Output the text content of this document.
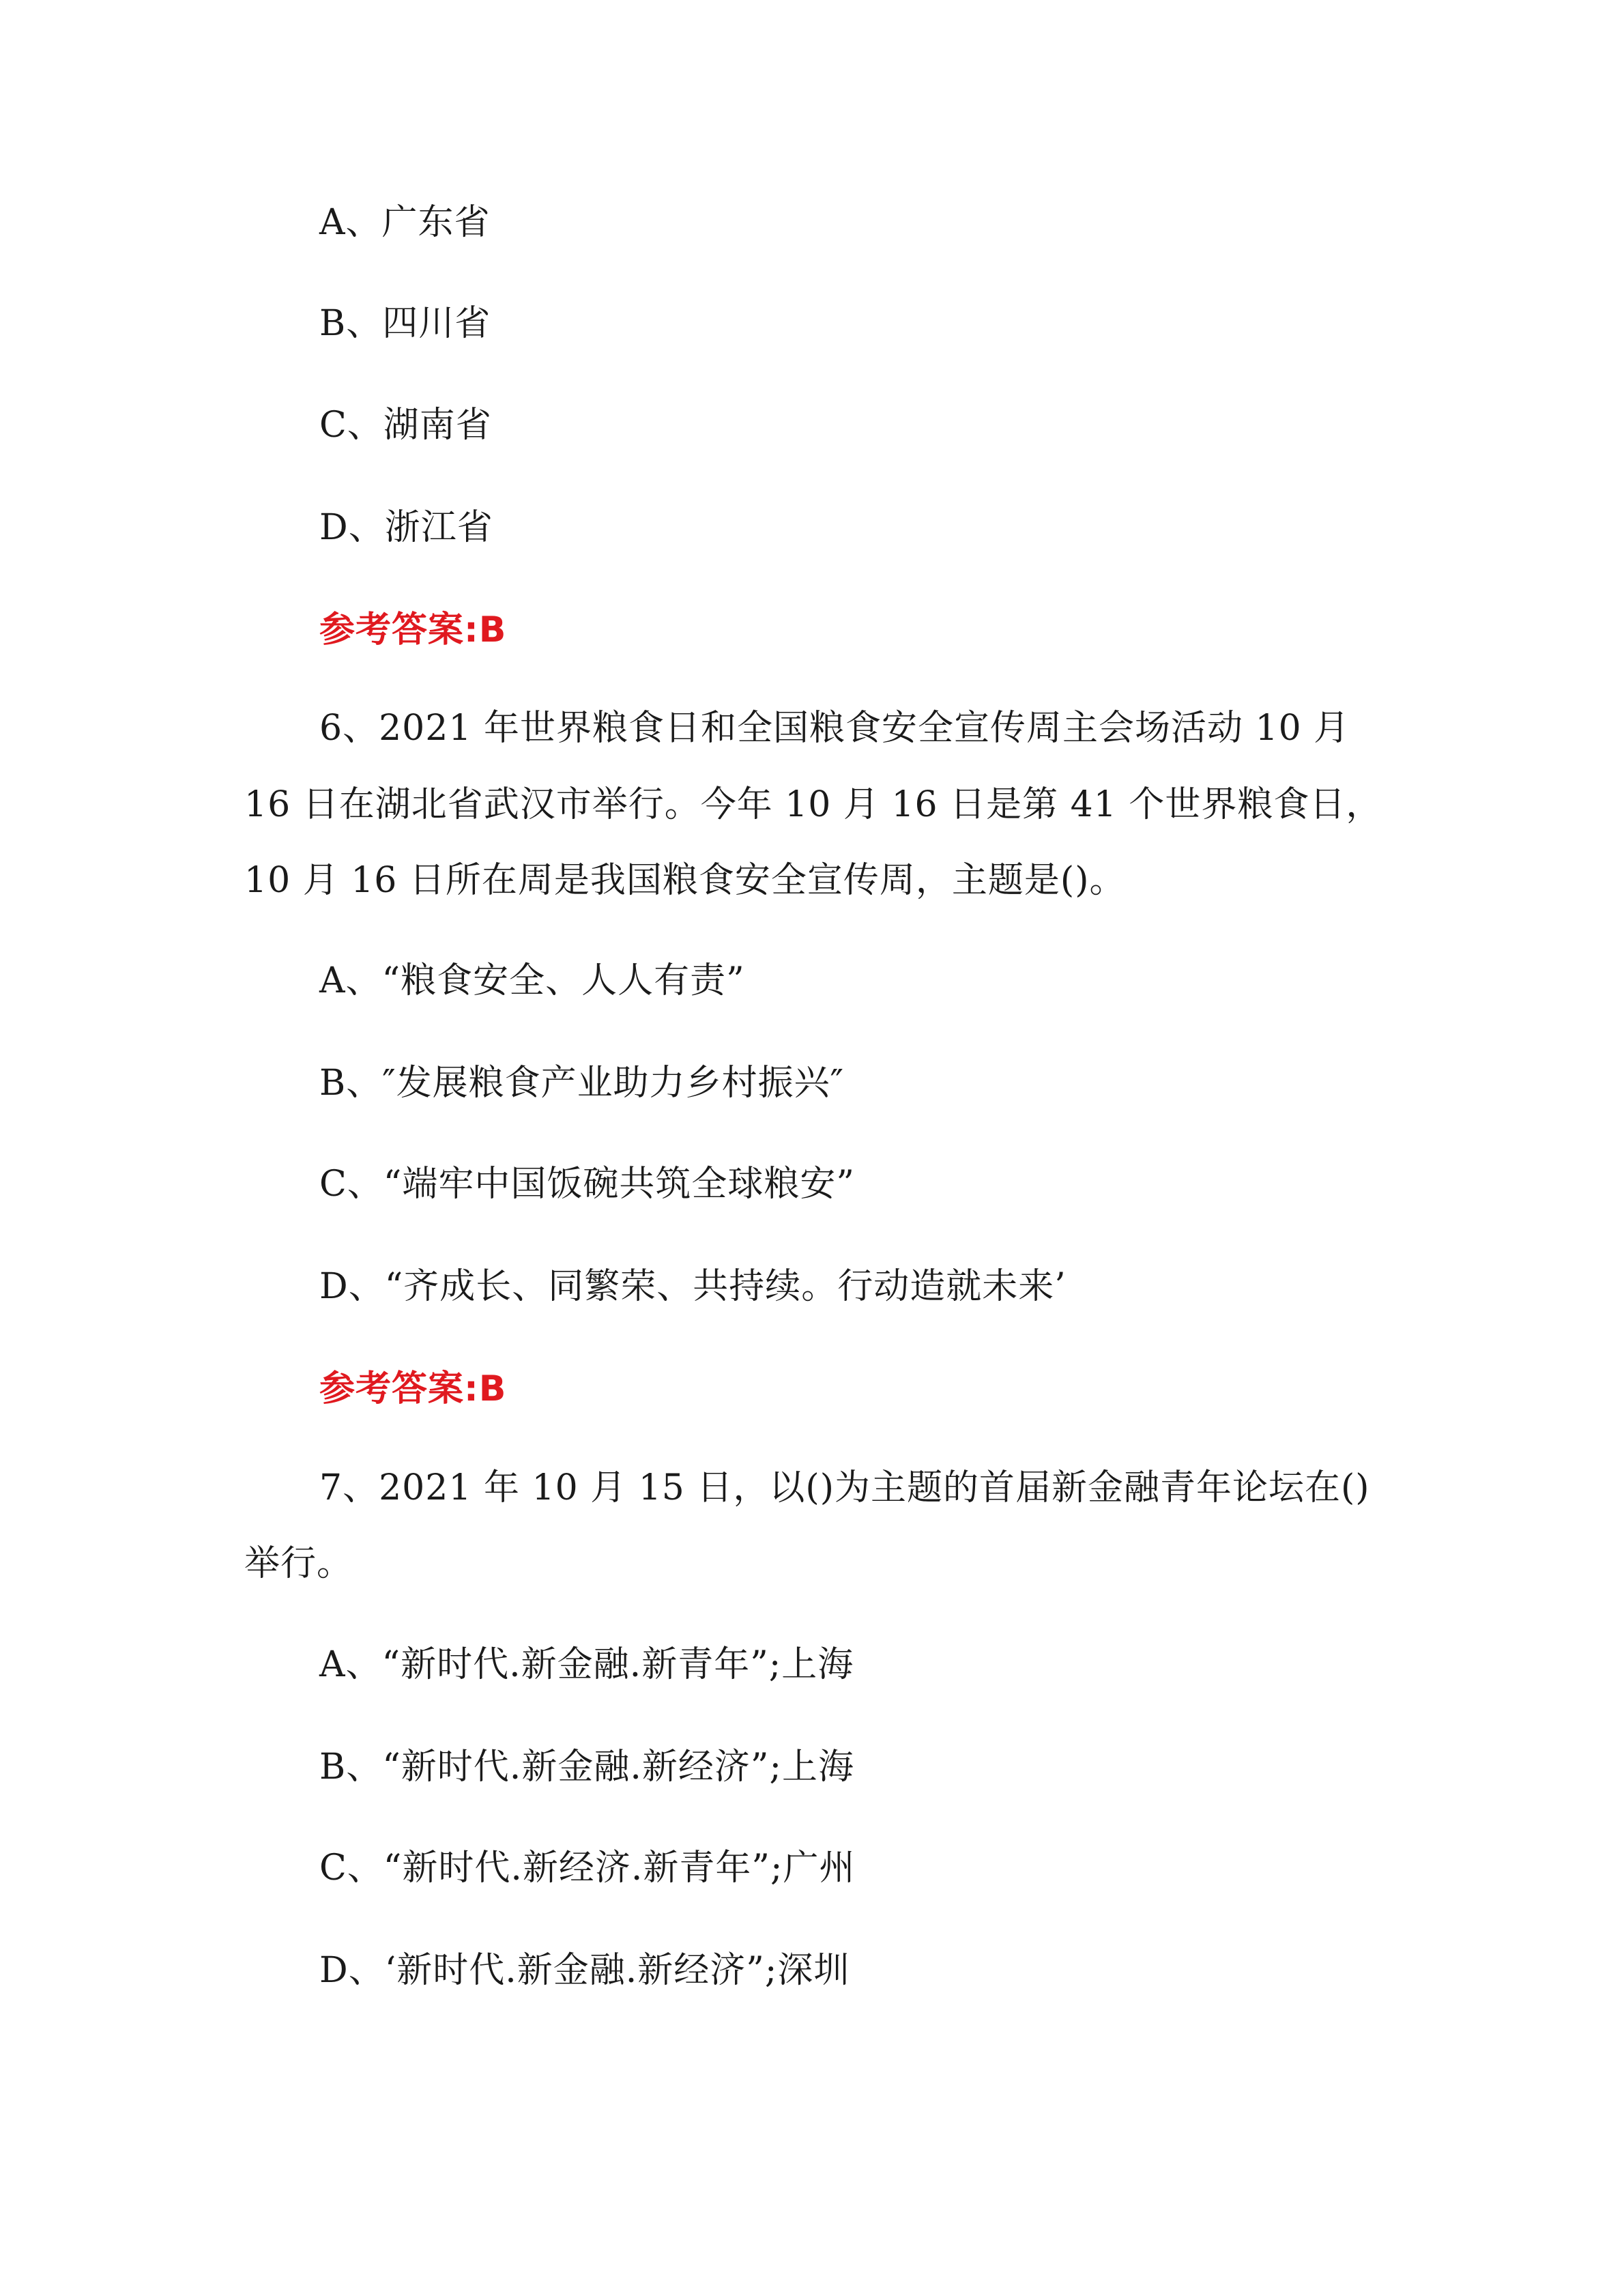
A、广东省
B、四川省
C、湖南省
D、浙江省
参考答案:B
6、2021 年世界粮食日和全国粮食安全宣传周主会场活动 10 月
16 日在湖北省武汉市举行。今年 10 月 16 日是第 41 个世界粮食日，
10 月 16 日所在周是我国粮食安全宣传周，主题是()。
A、“粮食安全、人人有责”
B、″发展粮食产业助力乡村振兴″
C、“端牢中国饭碗共筑全球粮安”
D、“齐成长、同繁荣、共持续。行动造就未来’
参考答案:B
7、2021 年 10 月 15 日，以()为主题的首届新金融青年论坛在()
举行。
A、“新时代.新金融.新青年”;上海
B、“新时代.新金融.新经济”;上海
C、“新时代.新经济.新青年”;广州
D、‘新时代.新金融.新经济”;深圳
